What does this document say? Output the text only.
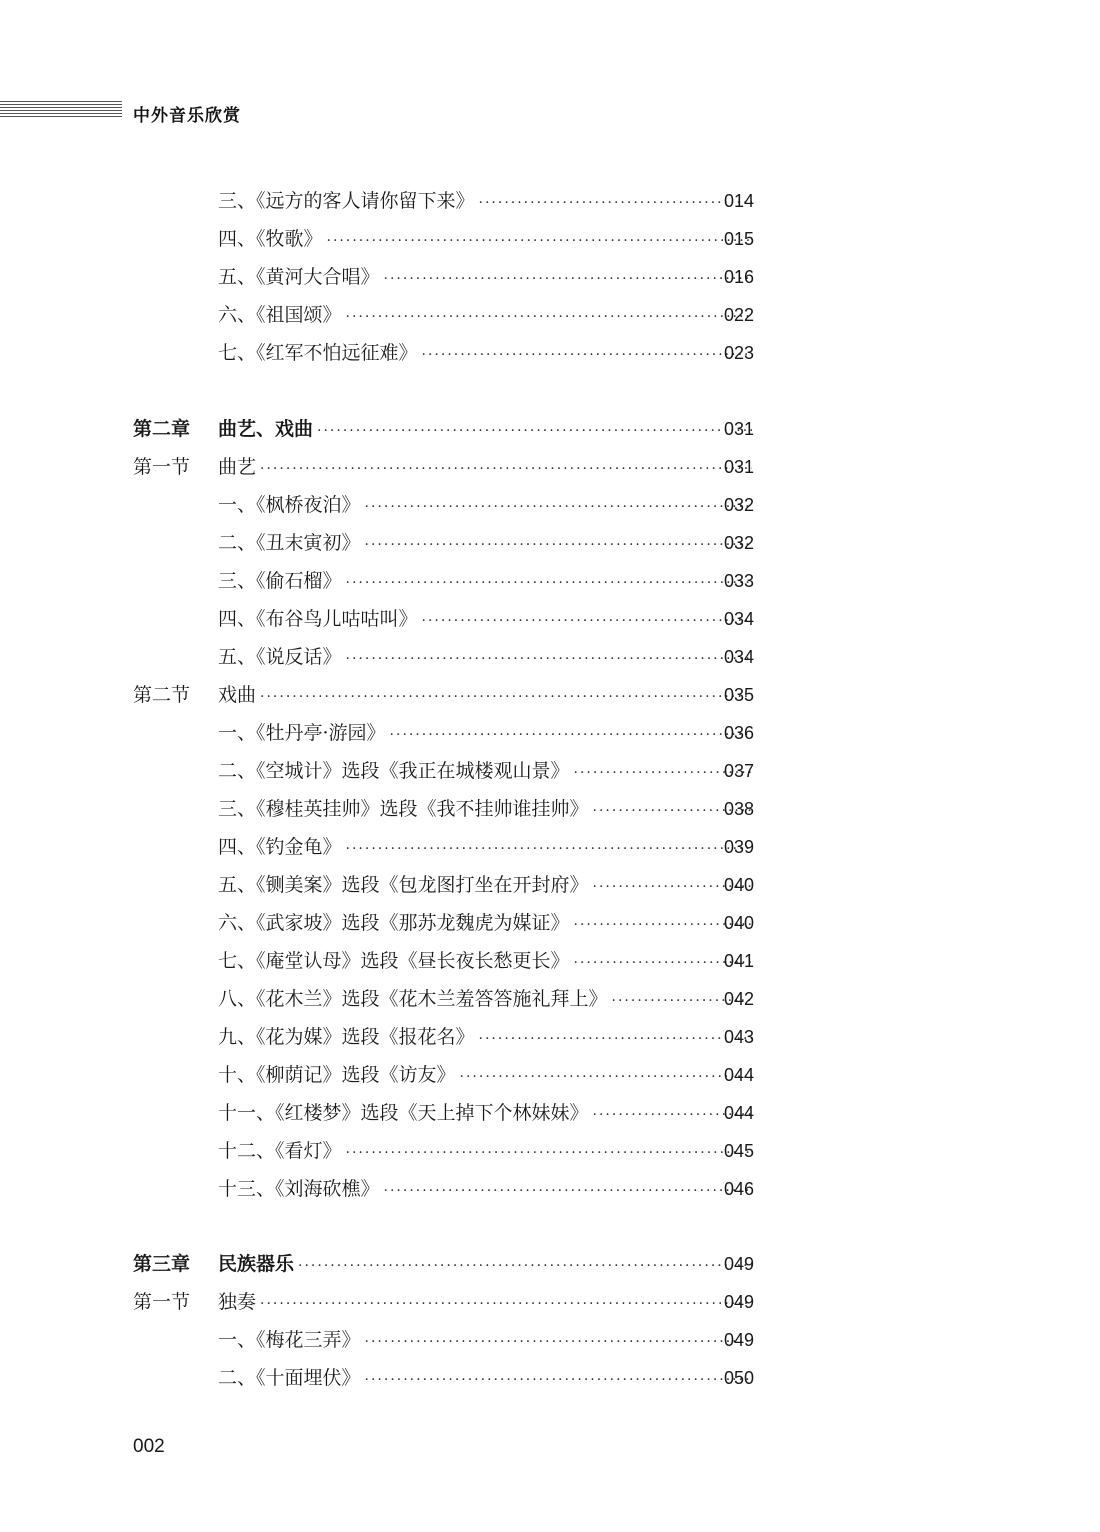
中外音乐欣赏
三、《远方的客人请你留下来》 ·····	014
四、《牧歌》 ·····	015
五、《黄河大合唱》 ·····	016
六、《祖国颂》 ·····	022
七、《红军不怕远征难》 ·····	023
第二章	曲艺、戏曲 ·····	031
第一节	曲艺 ·····	031
一、《枫桥夜泊》 ·····	032
二、《丑末寅初》 ·····	032
三、《偷石榴》 ·····	033
四、《布谷鸟儿咕咕叫》 ·····	034
五、《说反话》 ·····	034
第二节	戏曲 ·····	035
一、《牡丹亭·游园》 ·····	036
二、《空城计》选段《我正在城楼观山景》 ·····	037
三、《穆桂英挂帅》选段《我不挂帅谁挂帅》 ·····	038
四、《钓金龟》 ·····	039
五、《铡美案》选段《包龙图打坐在开封府》 ·····	040
六、《武家坡》选段《那苏龙魏虎为媒证》 ·····	040
七、《庵堂认母》选段《昼长夜长愁更长》 ·····	041
八、《花木兰》选段《花木兰羞答答施礼拜上》 ·····	042
九、《花为媒》选段《报花名》 ·····	043
十、《柳荫记》选段《访友》 ·····	044
十一、《红楼梦》选段《天上掉下个林妹妹》 ·····	044
十二、《看灯》 ·····	045
十三、《刘海砍樵》 ·····	046
第三章	民族器乐 ·····	049
第一节	独奏 ·····	049
一、《梅花三弄》 ·····	049
二、《十面埋伏》 ·····	050
002
